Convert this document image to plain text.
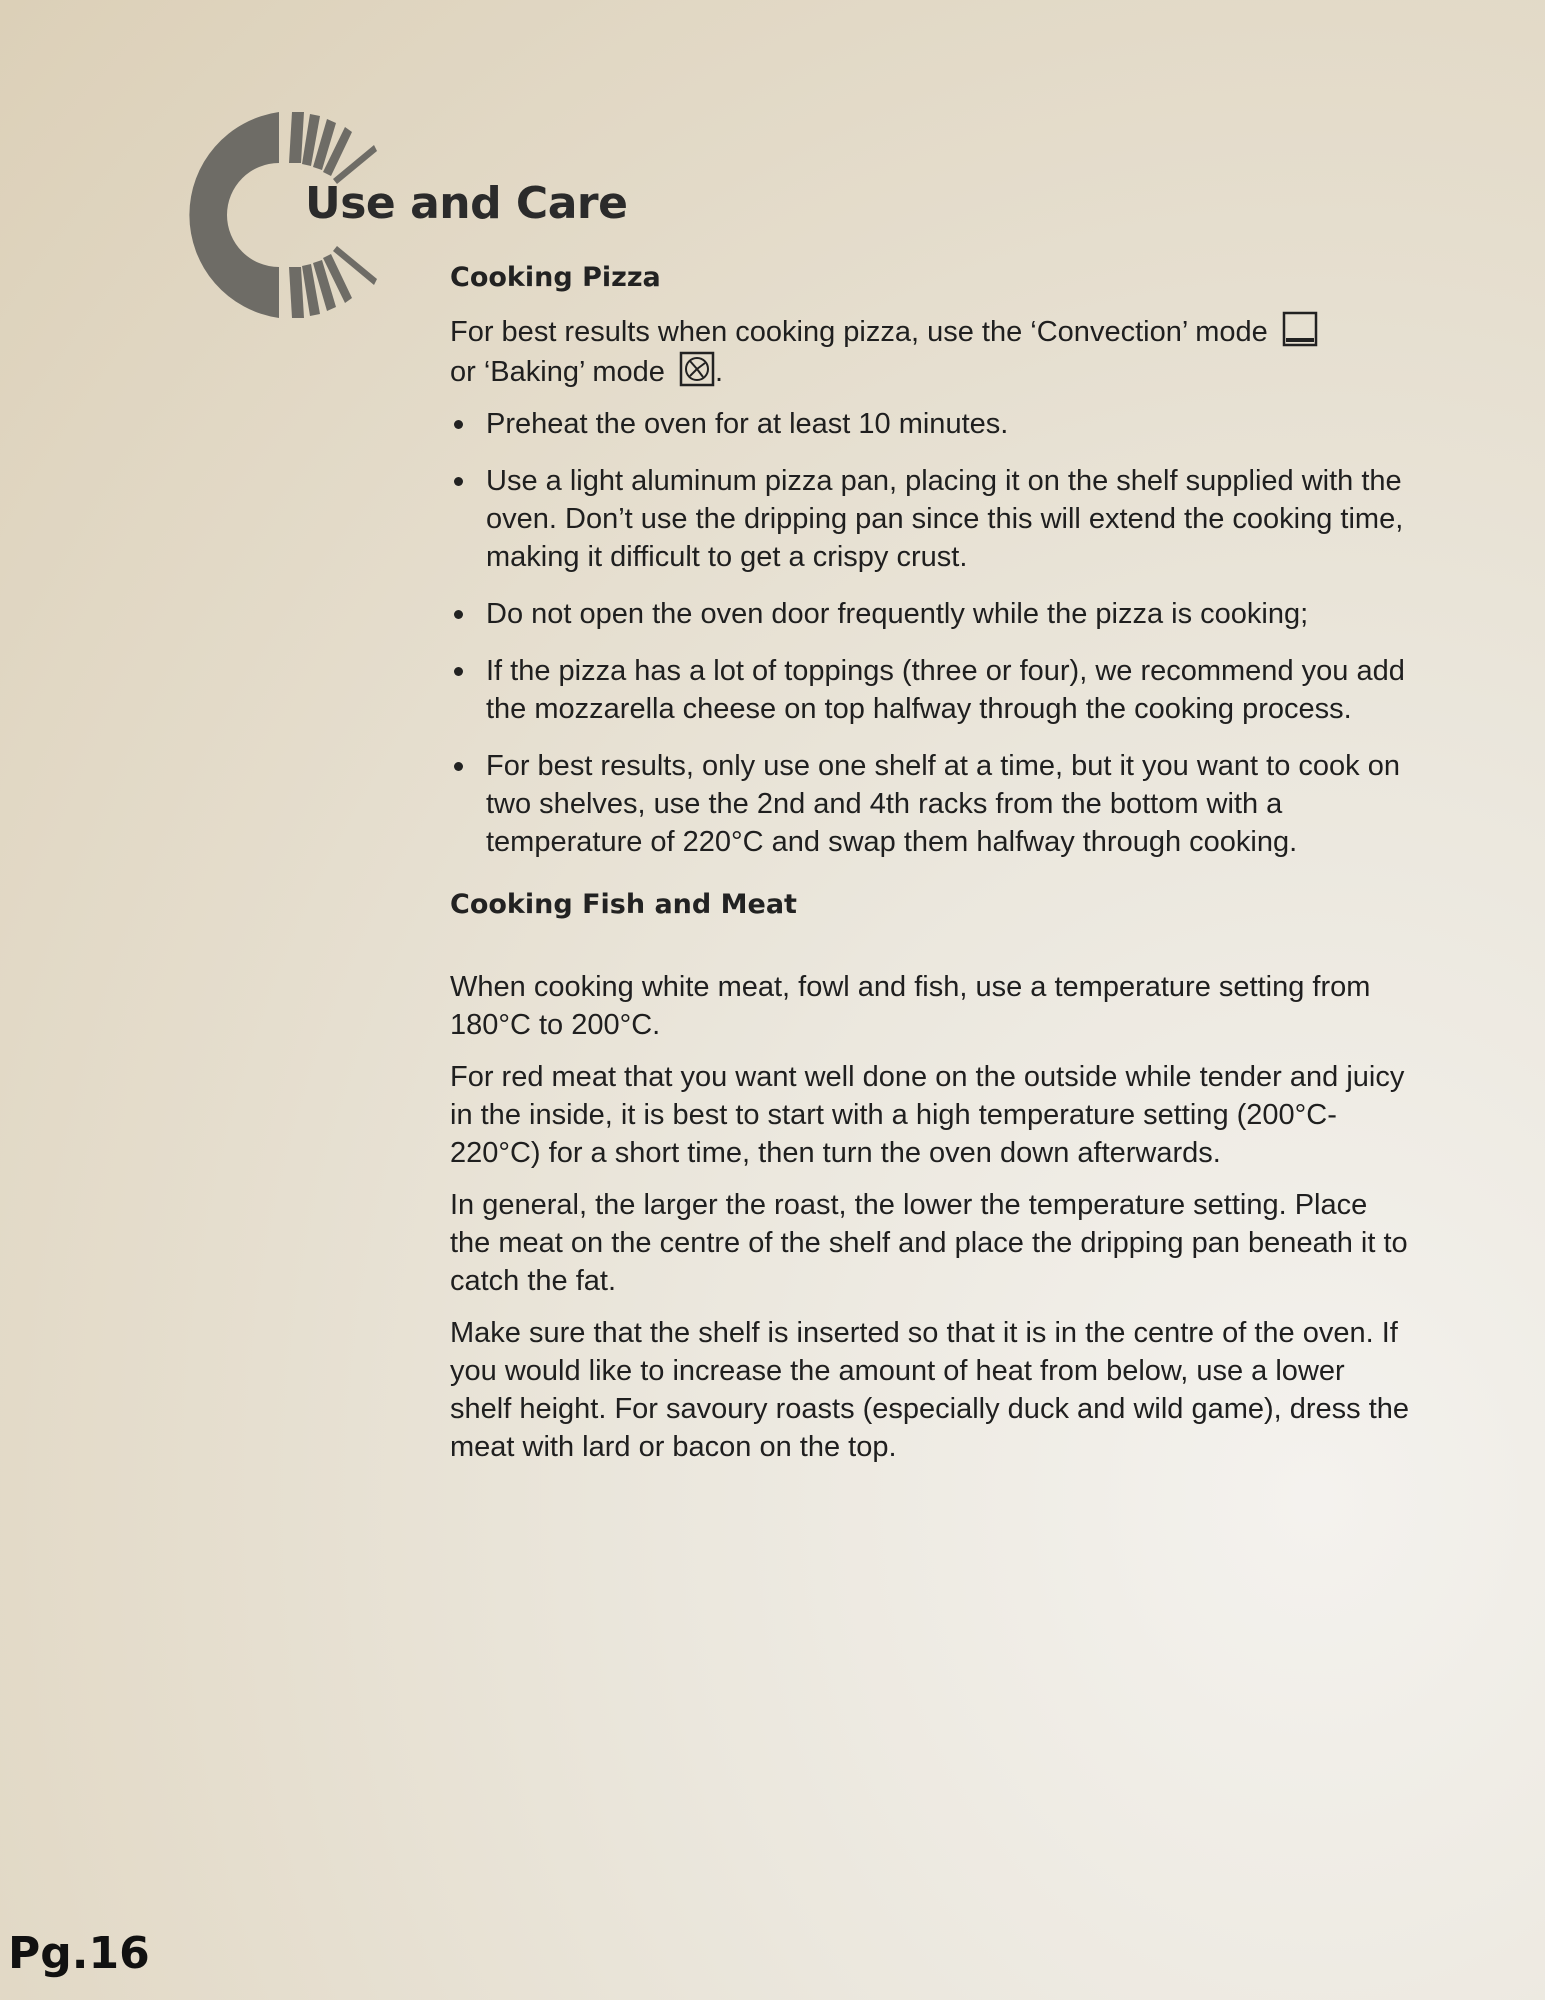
Use and Care
Cooking Pizza

For best results when cooking pizza, use the ‘Convection’ mode

or ‘Baking’ mode .

Preheat the oven for at least 10 minutes.
Use a light aluminum pizza pan, placing it on the shelf supplied with the oven. Don’t use the dripping pan since this will extend the cooking time, making it difficult to get a crispy crust.
Do not open the oven door frequently while the pizza is cooking;
If the pizza has a lot of toppings (three or four), we recommend you add the mozzarella cheese on top halfway through the cooking process.
For best results, only use one shelf at a time, but it you want to cook on two shelves, use the 2nd and 4th racks from the bottom with a temperature of 220°C and swap them halfway through cooking.
Cooking Fish and Meat

When cooking white meat, fowl and fish, use a temperature setting from 180°C to 200°C.

For red meat that you want well done on the outside while tender and juicy in the inside, it is best to start with a high temperature setting (200°C-220°C) for a short time, then turn the oven down afterwards.

In general, the larger the roast, the lower the temperature setting. Place the meat on the centre of the shelf and place the dripping pan beneath it to catch the fat.

Make sure that the shelf is inserted so that it is in the centre of the oven. If you would like to increase the amount of heat from below, use a lower shelf height. For savoury roasts (especially duck and wild game), dress the meat with lard or bacon on the top.

Pg.16
